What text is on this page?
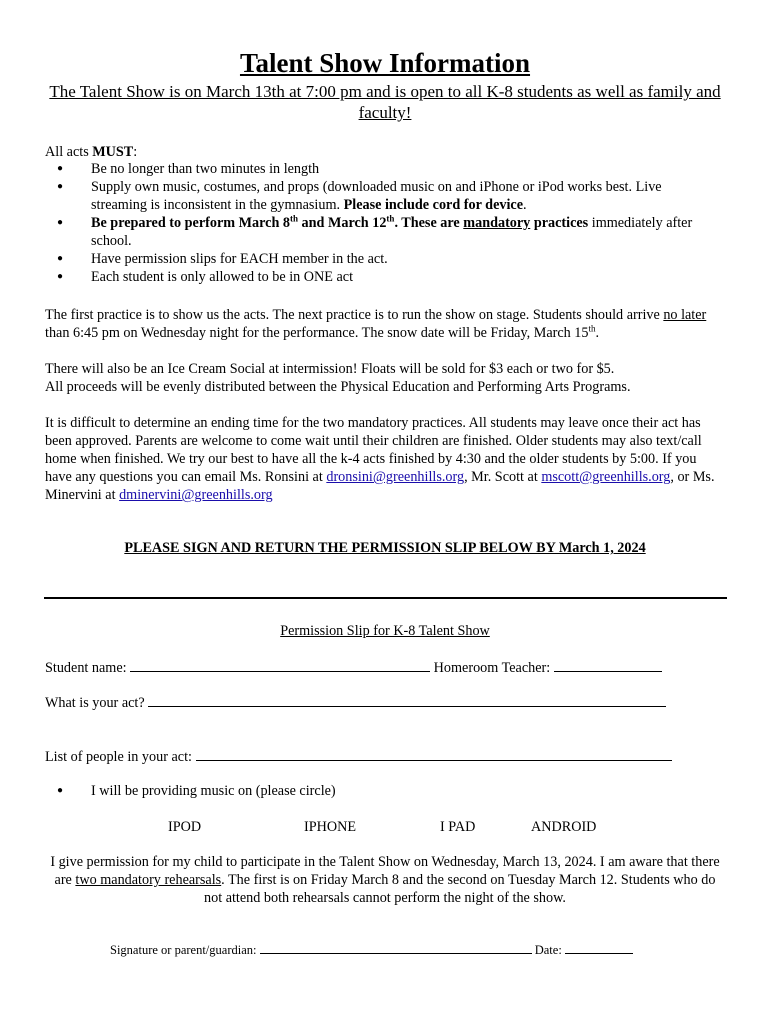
Talent Show Information
The Talent Show is on March 13th at 7:00 pm and is open to all K-8 students as well as family and faculty!
All acts MUST:
● Be no longer than two minutes in length
● Supply own music, costumes, and props (downloaded music on and iPhone or iPod works best. Live streaming is inconsistent in the gymnasium. Please include cord for device.
● Be prepared to perform March 8th and March 12th. These are mandatory practices immediately after school.
● Have permission slips for EACH member in the act.
● Each student is only allowed to be in ONE act
The first practice is to show us the acts. The next practice is to run the show on stage. Students should arrive no later than 6:45 pm on Wednesday night for the performance. The snow date will be Friday, March 15th.
There will also be an Ice Cream Social at intermission! Floats will be sold for $3 each or two for $5.
All proceeds will be evenly distributed between the Physical Education and Performing Arts Programs.
It is difficult to determine an ending time for the two mandatory practices. All students may leave once their act has been approved. Parents are welcome to come wait until their children are finished. Older students may also text/call home when finished. We try our best to have all the k-4 acts finished by 4:30 and the older students by 5:00. If you have any questions you can email Ms. Ronsini at dronsini@greenhills.org, Mr. Scott at mscott@greenhills.org, or Ms. Minervini at dminervini@greenhills.org
PLEASE SIGN AND RETURN THE PERMISSION SLIP BELOW BY March 1, 2024
Permission Slip for K-8 Talent Show
Student name:	Homeroom Teacher:
What is your act?
List of people in your act:
● I will be providing music on (please circle)
IPOD	IPHONE	I PAD	ANDROID
I give permission for my child to participate in the Talent Show on Wednesday, March 13, 2024. I am aware that there are two mandatory rehearsals. The first is on Friday March 8 and the second on Tuesday March 12. Students who do not attend both rehearsals cannot perform the night of the show.
Signature or parent/guardian:	Date:
